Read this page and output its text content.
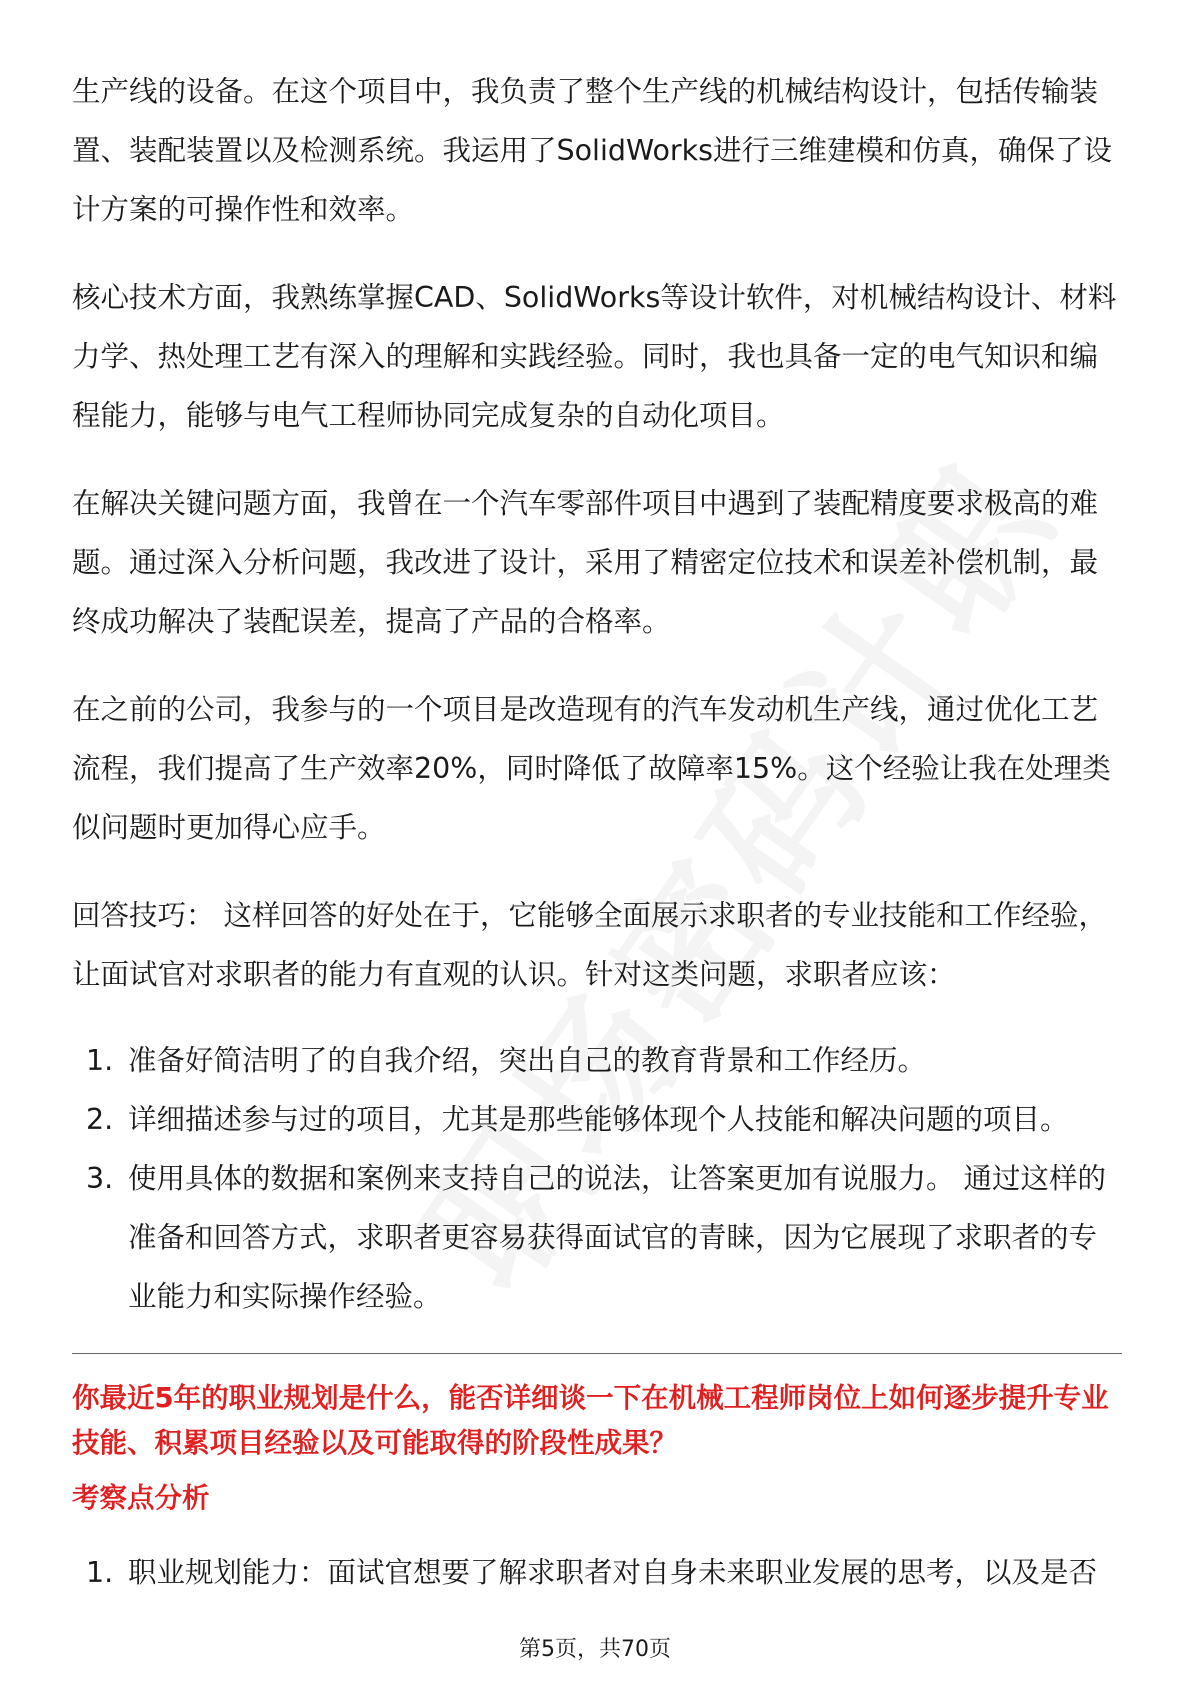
生产线的设备。在这个项目中，我负责了整个生产线的机械结构设计，包括传输装置、装配装置以及检测系统。我运用了SolidWorks进行三维建模和仿真，确保了设计方案的可操作性和效率。

核心技术方面，我熟练掌握CAD、SolidWorks等设计软件，对机械结构设计、材料力学、热处理工艺有深入的理解和实践经验。同时，我也具备一定的电气知识和编程能力，能够与电气工程师协同完成复杂的自动化项目。

在解决关键问题方面，我曾在一个汽车零部件项目中遇到了装配精度要求极高的难题。通过深入分析问题，我改进了设计，采用了精密定位技术和误差补偿机制，最终成功解决了装配误差，提高了产品的合格率。

在之前的公司，我参与的一个项目是改造现有的汽车发动机生产线，通过优化工艺流程，我们提高了生产效率20%，同时降低了故障率15%。这个经验让我在处理类似问题时更加得心应手。

回答技巧： 这样回答的好处在于，它能够全面展示求职者的专业技能和工作经验，让面试官对求职者的能力有直观的认识。针对这类问题，求职者应该：

1. 准备好简洁明了的自我介绍，突出自己的教育背景和工作经历。
2. 详细描述参与过的项目，尤其是那些能够体现个人技能和解决问题的项目。
3. 使用具体的数据和案例来支持自己的说法，让答案更加有说服力。 通过这样的准备和回答方式，求职者更容易获得面试官的青睐，因为它展现了求职者的专业能力和实际操作经验。
你最近5年的职业规划是什么，能否详细谈一下在机械工程师岗位上如何逐步提升专业技能、积累项目经验以及可能取得的阶段性成果？
考察点分析
1. 职业规划能力：面试官想要了解求职者对自身未来职业发展的思考，以及是否
第5页，共70页
